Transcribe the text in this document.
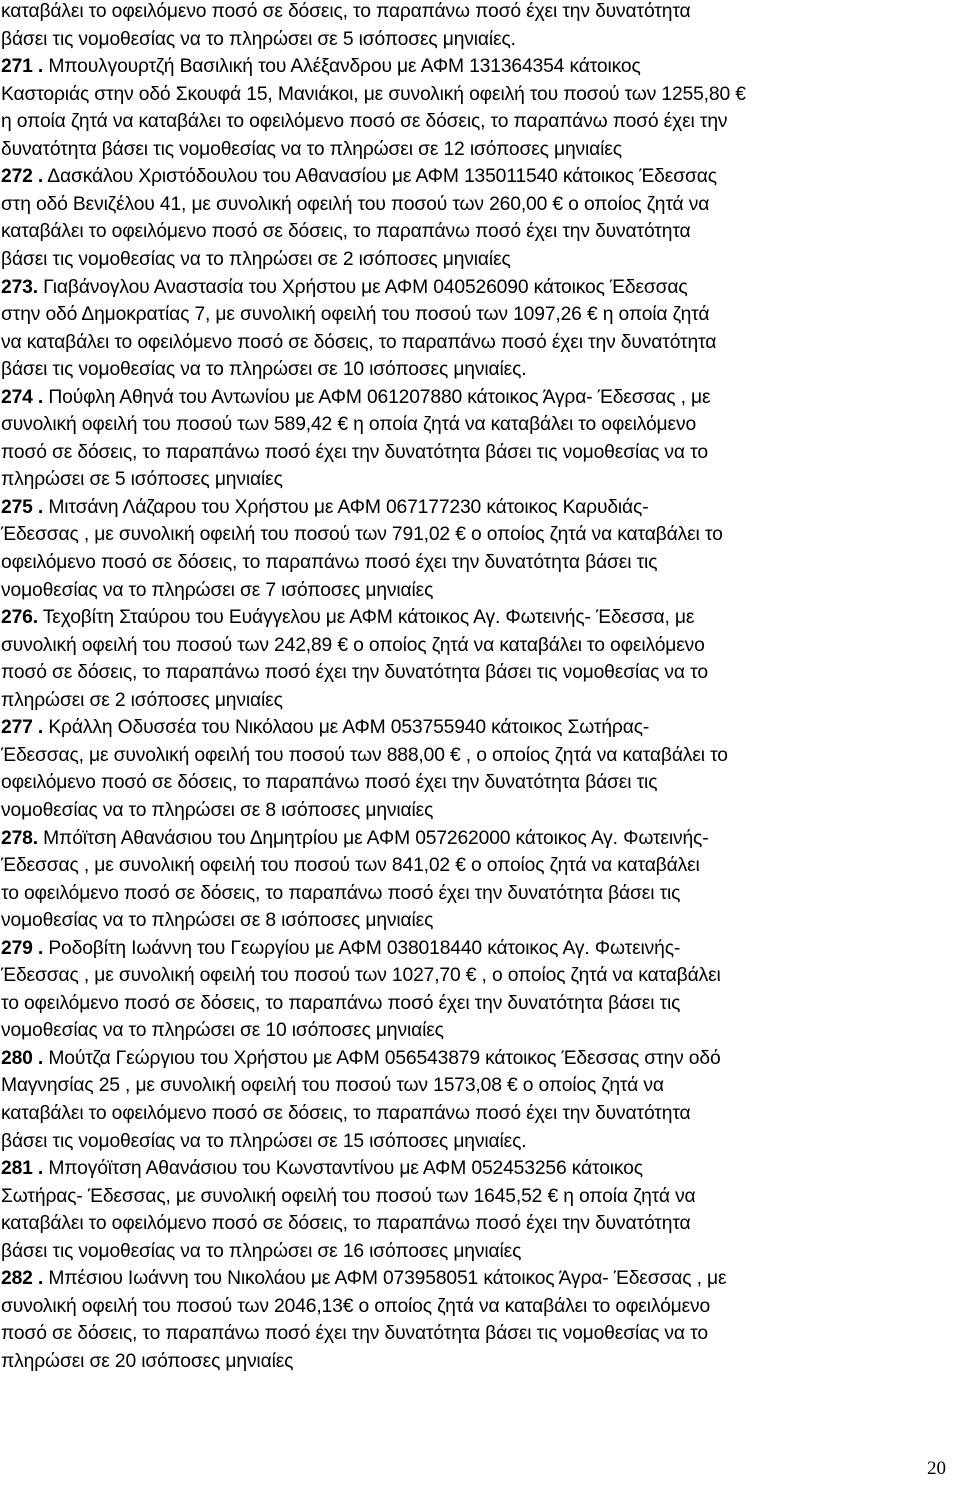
καταβάλει το οφειλόμενο ποσό σε δόσεις, το παραπάνω ποσό έχει την δυνατότητα
βάσει τις νομοθεσίας να το πληρώσει σε 5 ισόποσες μηνιαίες.
271 . Μπουλγουρτζή Βασιλική του Αλέξανδρου με ΑΦΜ 131364354 κάτοικος
Καστοριάς στην οδό Σκουφά 15, Μανιάκοι, με συνολική οφειλή του ποσού των 1255,80 €
η οποία ζητά να καταβάλει το οφειλόμενο ποσό σε δόσεις, το παραπάνω ποσό έχει την
δυνατότητα βάσει τις νομοθεσίας να το πληρώσει σε 12 ισόποσες μηνιαίες
272 . Δασκάλου Χριστόδουλου του Αθανασίου με ΑΦΜ 135011540 κάτοικος Έδεσσας
στη οδό Βενιζέλου 41, με συνολική οφειλή του ποσού των 260,00 € ο οποίος ζητά να
καταβάλει το οφειλόμενο ποσό σε δόσεις, το παραπάνω ποσό έχει την δυνατότητα
βάσει τις νομοθεσίας να το πληρώσει σε 2 ισόποσες μηνιαίες
273. Γιαβάνογλου Αναστασία του Χρήστου με ΑΦΜ 040526090 κάτοικος Έδεσσας
στην οδό Δημοκρατίας 7, με συνολική οφειλή του ποσού των 1097,26 € η οποία ζητά
να καταβάλει το οφειλόμενο ποσό σε δόσεις, το παραπάνω ποσό έχει την δυνατότητα
βάσει τις νομοθεσίας να το πληρώσει σε 10 ισόποσες μηνιαίες.
274 . Πούφλη Αθηνά του Αντωνίου με ΑΦΜ 061207880 κάτοικος Άγρα- Έδεσσας , με
συνολική οφειλή του ποσού των 589,42 € η οποία ζητά να καταβάλει το οφειλόμενο
ποσό σε δόσεις, το παραπάνω ποσό έχει την δυνατότητα βάσει τις νομοθεσίας να το
πληρώσει σε 5 ισόποσες μηνιαίες
275 . Μιτσάνη Λάζαρου του Χρήστου με ΑΦΜ 067177230 κάτοικος Καρυδιάς-
Έδεσσας , με συνολική οφειλή του ποσού των 791,02 € ο οποίος ζητά να καταβάλει το
οφειλόμενο ποσό σε δόσεις, το παραπάνω ποσό έχει την δυνατότητα βάσει τις
νομοθεσίας να το πληρώσει σε 7 ισόποσες μηνιαίες
276. Τεχοβίτη Σταύρου του Ευάγγελου με ΑΦΜ κάτοικος Αγ. Φωτεινής- Έδεσσα, με
συνολική οφειλή του ποσού των 242,89 € ο οποίος ζητά να καταβάλει το οφειλόμενο
ποσό σε δόσεις, το παραπάνω ποσό έχει την δυνατότητα βάσει τις νομοθεσίας να το
πληρώσει σε 2 ισόποσες μηνιαίες
277 . Κράλλη Οδυσσέα του Νικόλαου με ΑΦΜ 053755940 κάτοικος Σωτήρας-
Έδεσσας, με συνολική οφειλή του ποσού των 888,00 € , ο οποίος ζητά να καταβάλει το
οφειλόμενο ποσό σε δόσεις, το παραπάνω ποσό έχει την δυνατότητα βάσει τις
νομοθεσίας να το πληρώσει σε 8 ισόποσες μηνιαίες
278. Μπόϊτση Αθανάσιου του Δημητρίου με ΑΦΜ 057262000 κάτοικος Αγ. Φωτεινής-
Έδεσσας , με συνολική οφειλή του ποσού των 841,02 € ο οποίος ζητά να καταβάλει
το οφειλόμενο ποσό σε δόσεις, το παραπάνω ποσό έχει την δυνατότητα βάσει τις
νομοθεσίας να το πληρώσει σε 8 ισόποσες μηνιαίες
279 . Ροδοβίτη Ιωάννη του Γεωργίου με ΑΦΜ 038018440 κάτοικος Αγ. Φωτεινής-
Έδεσσας , με συνολική οφειλή του ποσού των 1027,70 € , ο οποίος ζητά να καταβάλει
το οφειλόμενο ποσό σε δόσεις, το παραπάνω ποσό έχει την δυνατότητα βάσει τις
νομοθεσίας να το πληρώσει σε 10 ισόποσες μηνιαίες
280 . Μούτζα Γεώργιου του Χρήστου με ΑΦΜ 056543879 κάτοικος Έδεσσας στην οδό
Μαγνησίας 25 , με συνολική οφειλή του ποσού των 1573,08 € ο οποίος ζητά να
καταβάλει το οφειλόμενο ποσό σε δόσεις, το παραπάνω ποσό έχει την δυνατότητα
βάσει τις νομοθεσίας να το πληρώσει σε 15 ισόποσες μηνιαίες.
281 . Μπογόϊτση Αθανάσιου του Κωνσταντίνου με ΑΦΜ 052453256 κάτοικος
Σωτήρας- Έδεσσας, με συνολική οφειλή του ποσού των 1645,52 € η οποία ζητά να
καταβάλει το οφειλόμενο ποσό σε δόσεις, το παραπάνω ποσό έχει την δυνατότητα
βάσει τις νομοθεσίας να το πληρώσει σε 16 ισόποσες μηνιαίες
282 . Μπέσιου Ιωάννη του Νικολάου με ΑΦΜ 073958051 κάτοικος Άγρα- Έδεσσας , με
συνολική οφειλή του ποσού των 2046,13€ ο οποίος ζητά να καταβάλει το οφειλόμενο
ποσό σε δόσεις, το παραπάνω ποσό έχει την δυνατότητα βάσει τις νομοθεσίας να το
πληρώσει σε 20 ισόποσες μηνιαίες
20
